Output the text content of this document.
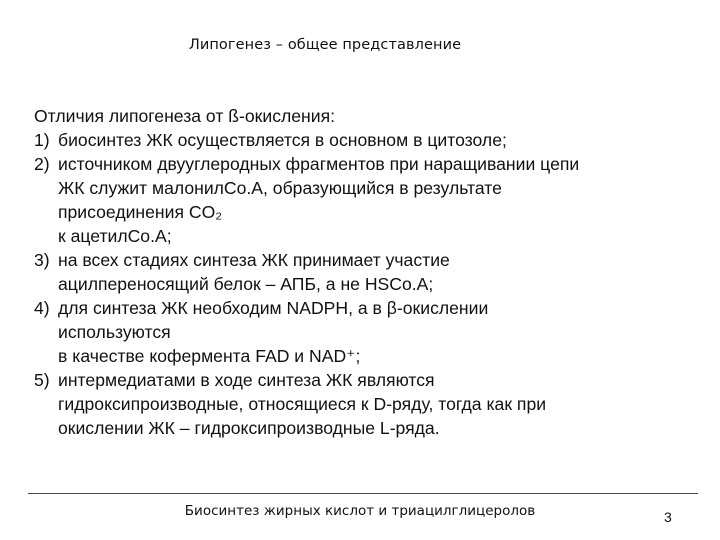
Липогенез – общее представление
Отличия липогенеза от ß-окисления:
1) биосинтез ЖК осуществляется в основном в цитозоле;
2) источником двууглеродных фрагментов при наращивании цепи
ЖК служит малонилCo.A, образующийся в результате
присоединения CO₂
к ацетилCo.A;
3) на всех стадиях синтеза ЖК принимает участие
ацилпереносящий белок – АПБ, а не HSCo.A;
4) для синтеза ЖК необходим NADPH, а в β-окислении
используются
в качестве кофермента FAD и NAD⁺;
5) интермедиатами в ходе синтеза ЖК являются
гидроксипроизводные, относящиеся к D-ряду, тогда как при
окислении ЖК – гидроксипроизводные L-ряда.
Биосинтез жирных кислот и триацилглицеролов	3
